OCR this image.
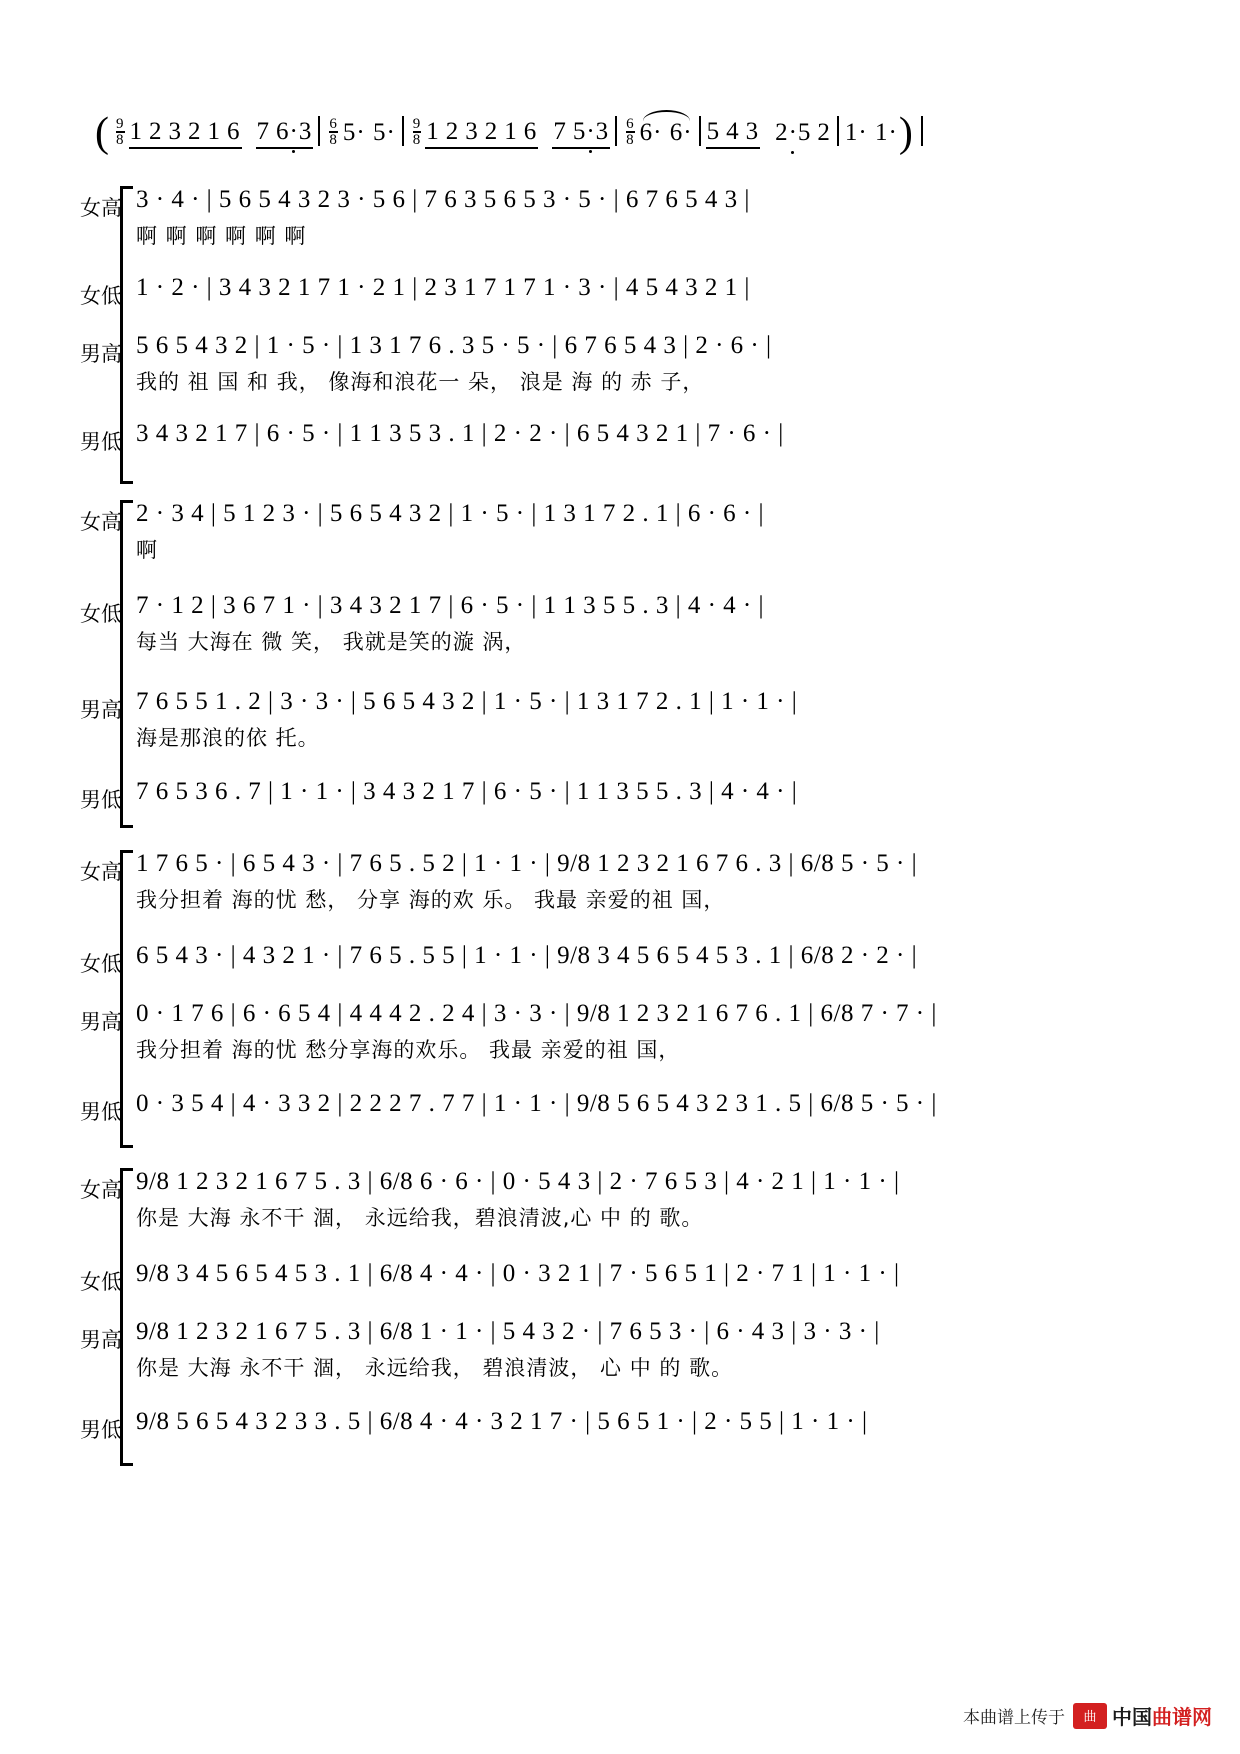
( 9
8 1 2 3 2 1 6 7 6·3 6
8 5· 5· 9
8 1 2 3 2 1 6 7 5·3 6
8 6· 6· 5 4 3 2·5 2 1· 1· )
女高 3 · 4 · | 5 6 5 4 3 2 3 · 5 6 | 7 6 3 5 6 5 3 · 5 · | 6 7 6 5 4 3 |
啊 啊 啊 啊 啊 啊
女低 1 · 2 · | 3 4 3 2 1 7 1 · 2 1 | 2 3 1 7 1 7 1 · 3 · | 4 5 4 3 2 1 |
男高 5 6 5 4 3 2 | 1 · 5 · | 1 3 1 7 6 . 3 5 · 5 · | 6 7 6 5 4 3 | 2 · 6 · |
我的 祖 国 和 我， 像海和浪花一 朵， 浪是 海 的 赤 子，
男低 3 4 3 2 1 7 | 6 · 5 · | 1 1 3 5 3 . 1 | 2 · 2 · | 6 5 4 3 2 1 | 7 · 6 · |
女高 2 · 3 4 | 5 1 2 3 · | 5 6 5 4 3 2 | 1 · 5 · | 1 3 1 7 2 . 1 | 6 · 6 · |
啊
女低 7 · 1 2 | 3 6 7 1 · | 3 4 3 2 1 7 | 6 · 5 · | 1 1 3 5 5 . 3 | 4 · 4 · |
每当 大海在 微 笑， 我就是笑的漩 涡，
男高 7 6 5 5 1 . 2 | 3 · 3 · | 5 6 5 4 3 2 | 1 · 5 · | 1 3 1 7 2 . 1 | 1 · 1 · |
海是那浪的依 托。
男低 7 6 5 3 6 . 7 | 1 · 1 · | 3 4 3 2 1 7 | 6 · 5 · | 1 1 3 5 5 . 3 | 4 · 4 · |
女高 1 7 6 5 · | 6 5 4 3 · | 7 6 5 . 5 2 | 1 · 1 · | 9/8 1 2 3 2 1 6 7 6 . 3 | 6/8 5 · 5 · |
我分担着 海的忧 愁， 分享 海的欢 乐。 我最 亲爱的祖 国，
女低 6 5 4 3 · | 4 3 2 1 · | 7 6 5 . 5 5 | 1 · 1 · | 9/8 3 4 5 6 5 4 5 3 . 1 | 6/8 2 · 2 · |
男高 0 · 1 7 6 | 6 · 6 5 4 | 4 4 4 2 . 2 4 | 3 · 3 · | 9/8 1 2 3 2 1 6 7 6 . 1 | 6/8 7 · 7 · |
我分担着 海的忧 愁分享海的欢乐。 我最 亲爱的祖 国，
男低 0 · 3 5 4 | 4 · 3 3 2 | 2 2 2 7 . 7 7 | 1 · 1 · | 9/8 5 6 5 4 3 2 3 1 . 5 | 6/8 5 · 5 · |
女高 9/8 1 2 3 2 1 6 7 5 . 3 | 6/8 6 · 6 · | 0 · 5 4 3 | 2 · 7 6 5 3 | 4 · 2 1 | 1 · 1 · |
你是 大海 永不干 涸， 永远给我，碧浪清波,心 中 的 歌。
女低 9/8 3 4 5 6 5 4 5 3 . 1 | 6/8 4 · 4 · | 0 · 3 2 1 | 7 · 5 6 5 1 | 2 · 7 1 | 1 · 1 · |
男高 9/8 1 2 3 2 1 6 7 5 . 3 | 6/8 1 · 1 · | 5 4 3 2 · | 7 6 5 3 · | 6 · 4 3 | 3 · 3 · |
你是 大海 永不干 涸， 永远给我， 碧浪清波， 心 中 的 歌。
男低 9/8 5 6 5 4 3 2 3 3 . 5 | 6/8 4 · 4 · 3 2 1 7 · | 5 6 5 1 · | 2 · 5 5 | 1 · 1 · |
本曲谱上传于	曲 中国 曲谱网
